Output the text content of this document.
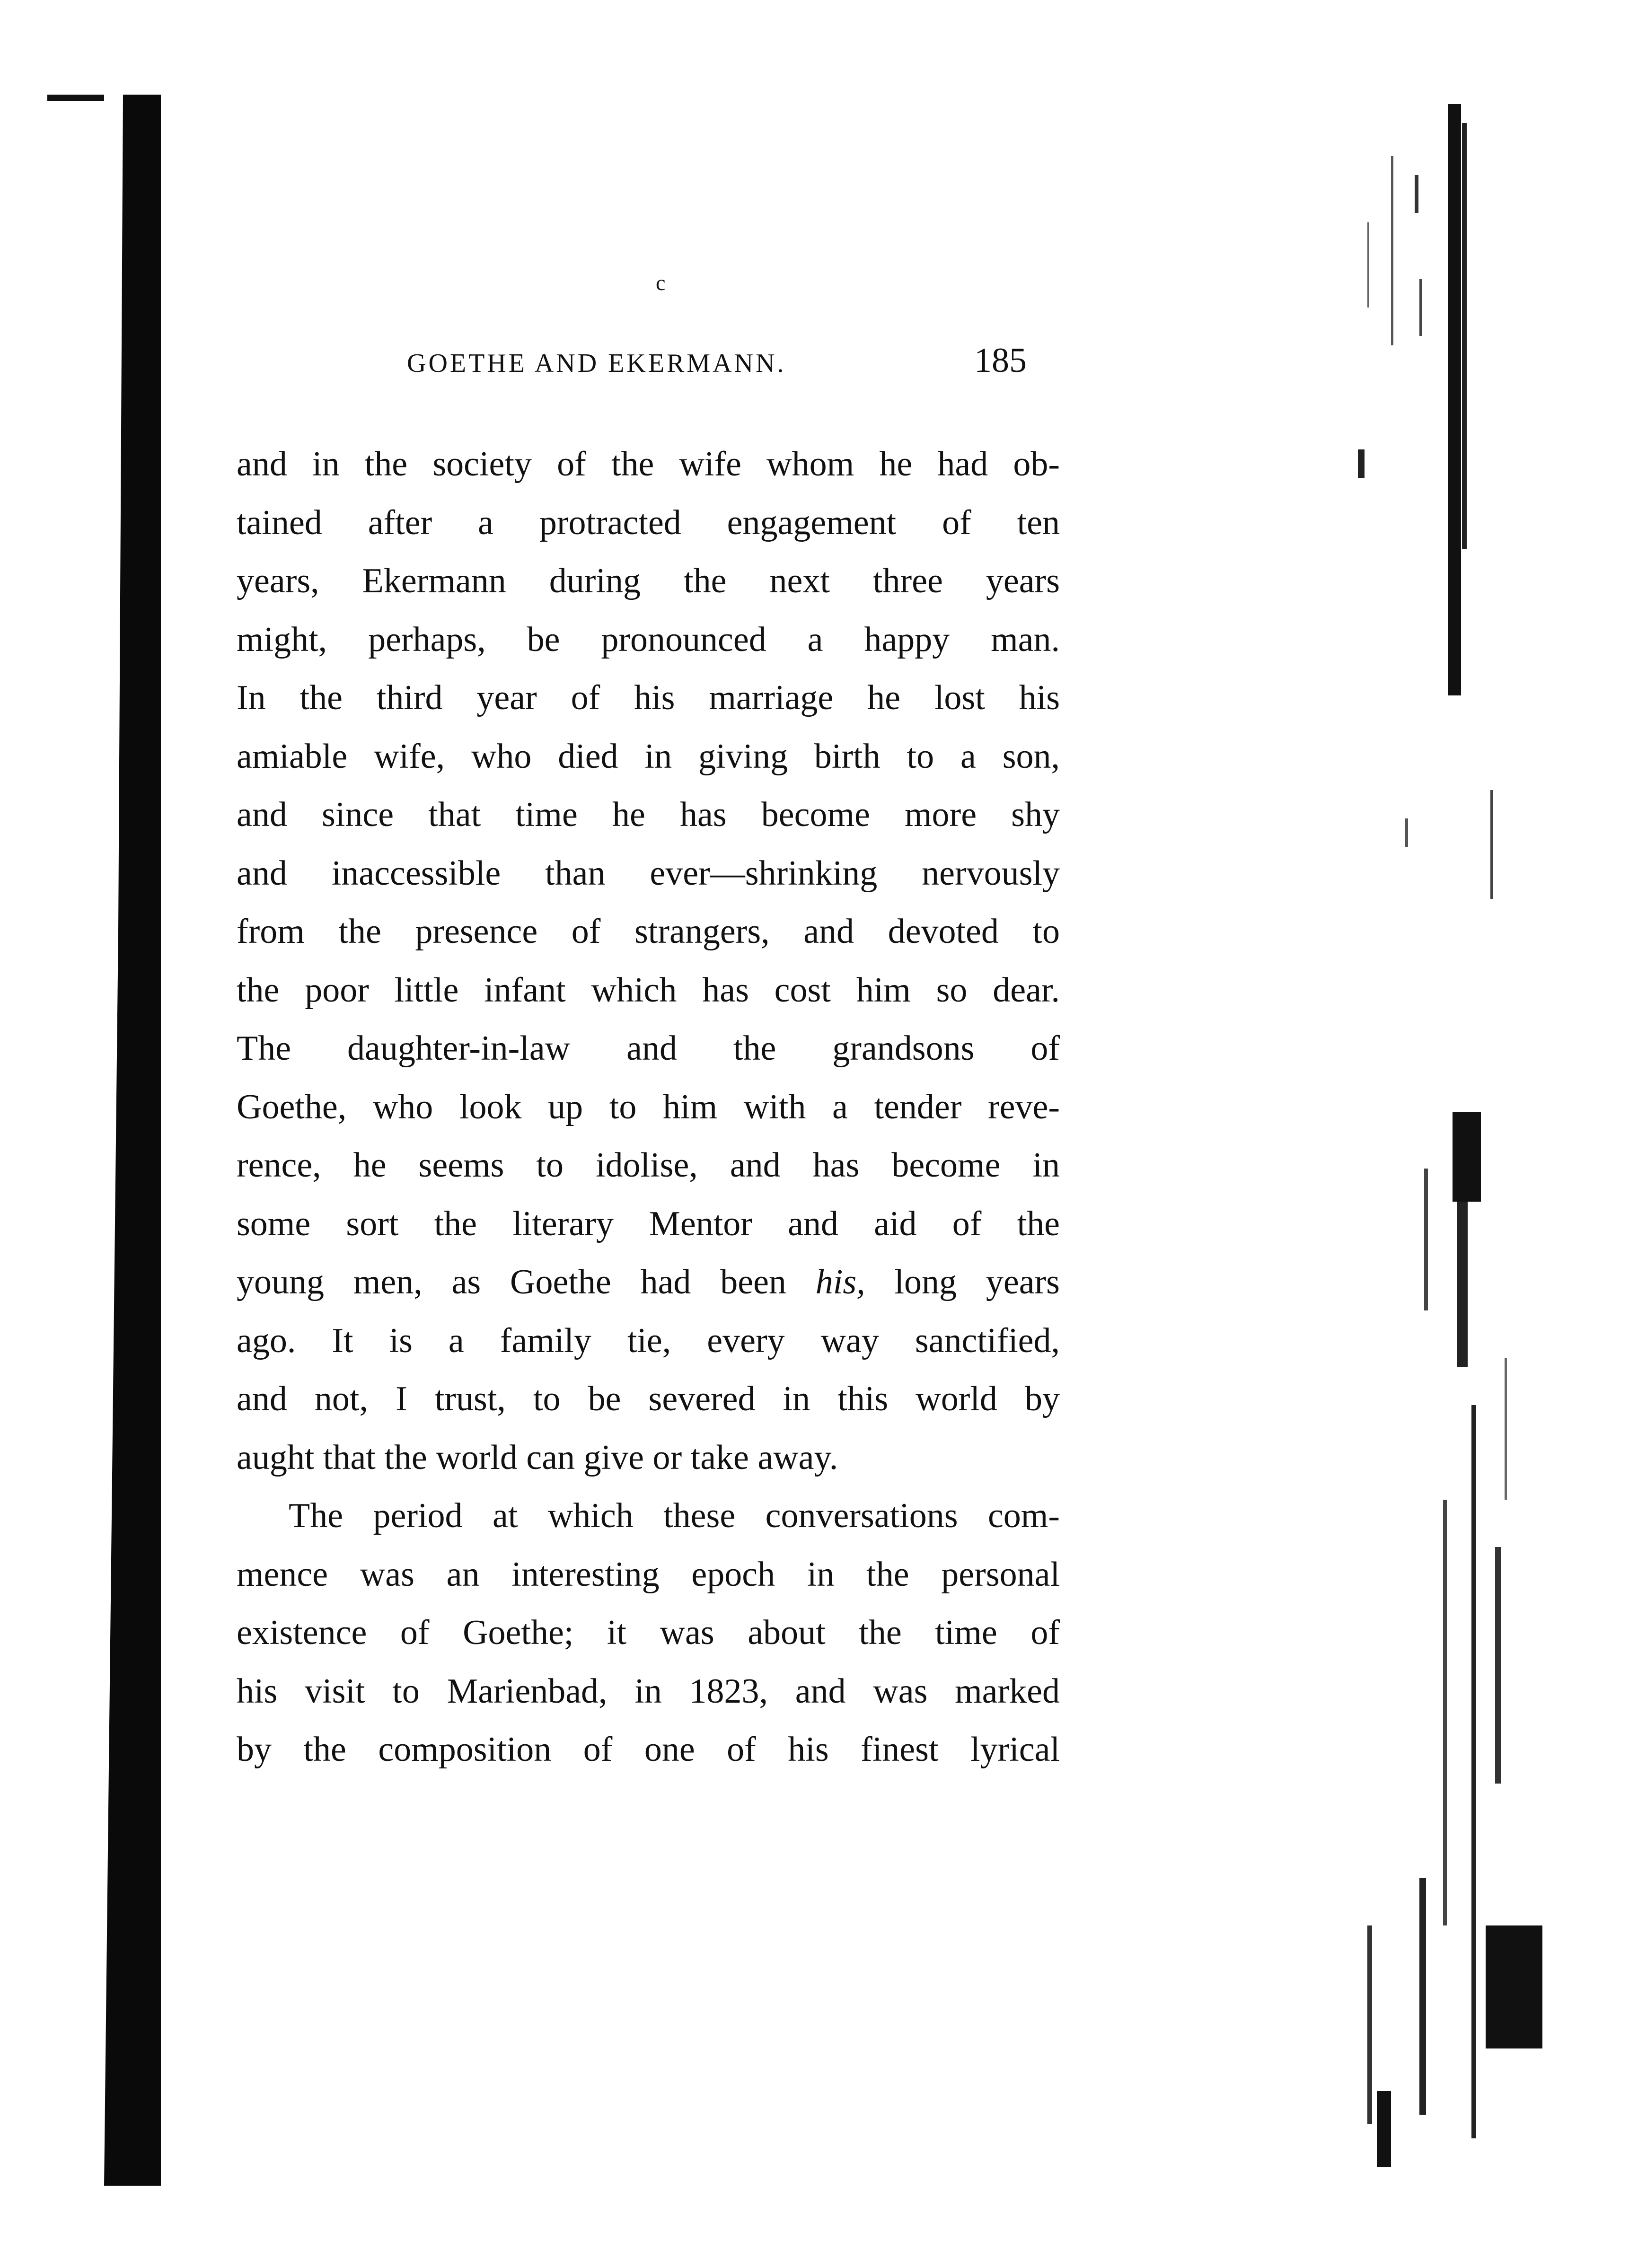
c
GOETHE AND EKERMANN.	185
and in the society of the wife whom he had ob-
tained after a protracted engagement of ten
years, Ekermann during the next three years
might, perhaps, be pronounced a happy man.
In the third year of his marriage he lost his
amiable wife, who died in giving birth to a son,
and since that time he has become more shy
and inaccessible than ever—shrinking nervously
from the presence of strangers, and devoted to
the poor little infant which has cost him so dear.
The daughter-in-law and the grandsons of
Goethe, who look up to him with a tender reve-
rence, he seems to idolise, and has become in
some sort the literary Mentor and aid of the
young men, as Goethe had been his, long years
ago. It is a family tie, every way sanctified,
and not, I trust, to be severed in this world by
aught that the world can give or take away.
The period at which these conversations com-
mence was an interesting epoch in the personal
existence of Goethe; it was about the time of
his visit to Marienbad, in 1823, and was marked
by the composition of one of his finest lyrical
